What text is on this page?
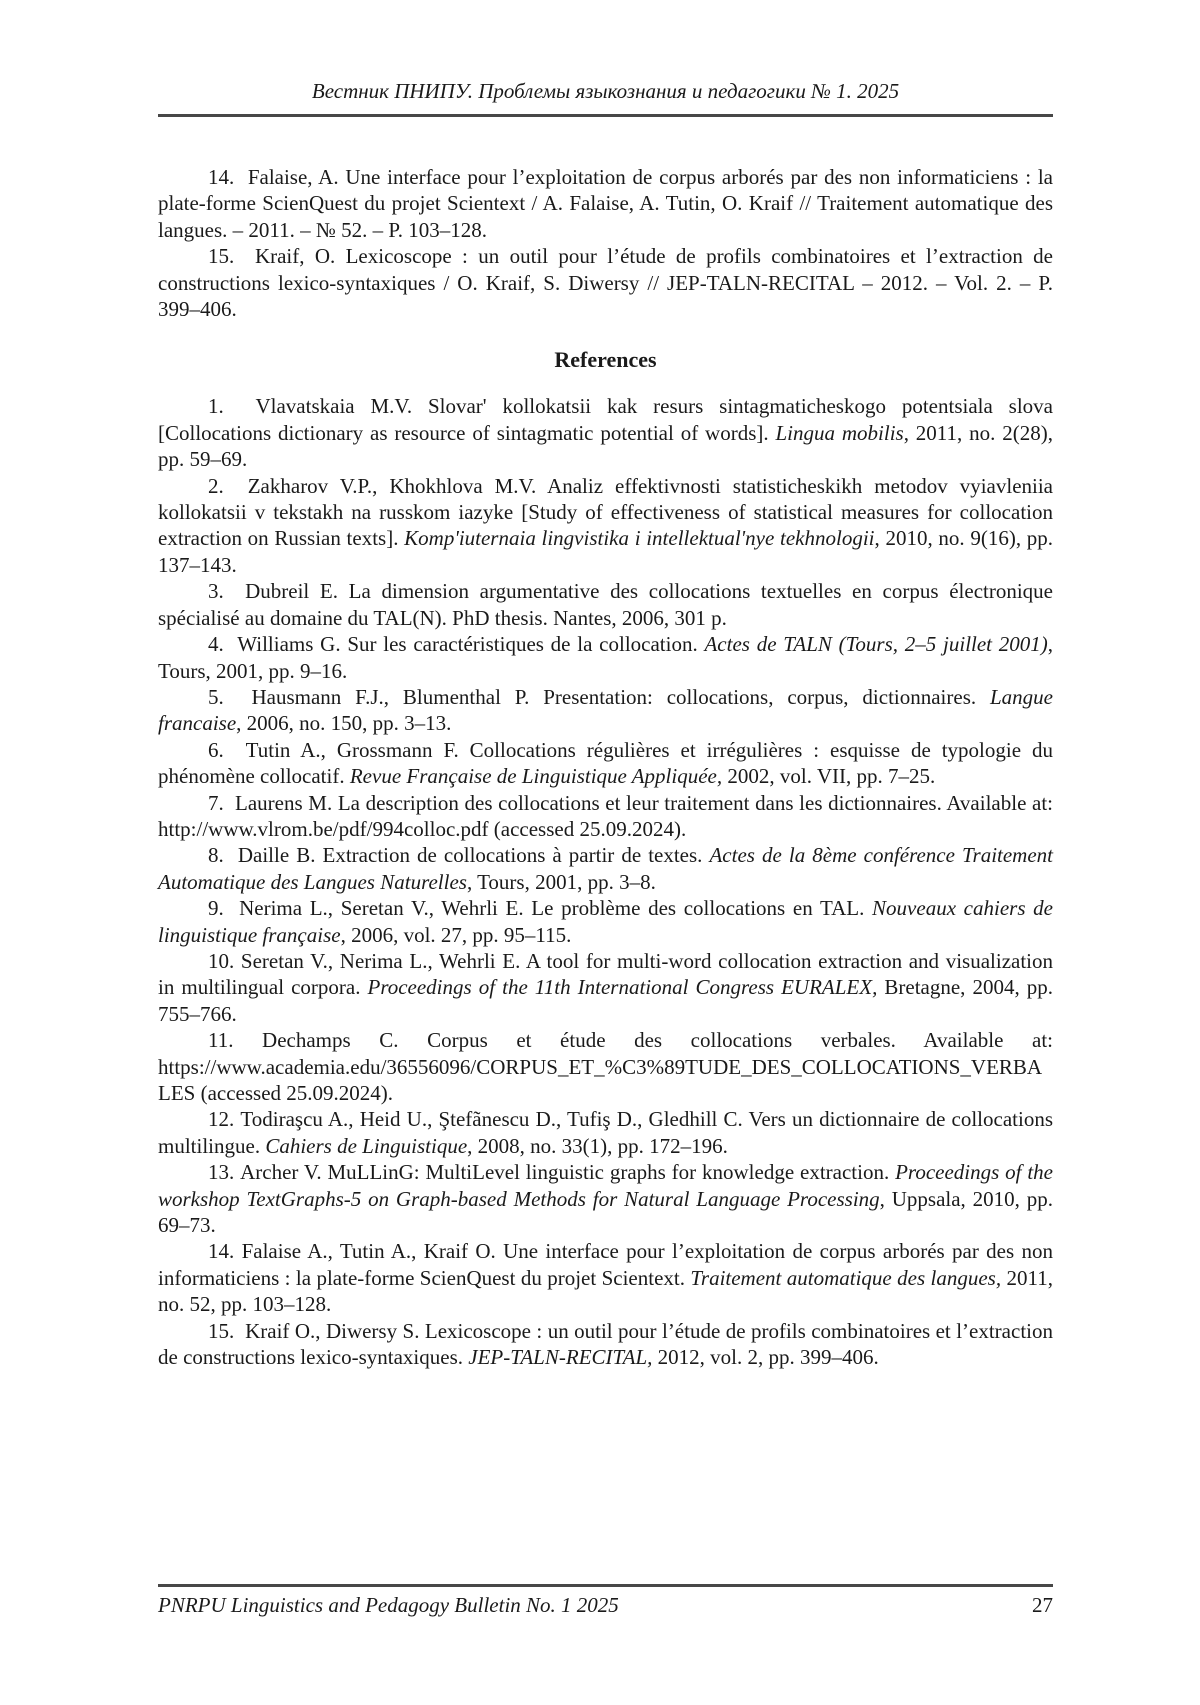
Вестник ПНИПУ. Проблемы языкознания и педагогики № 1. 2025

14.  Falaise, A. Une interface pour l’exploitation de corpus arborés par des non informaticiens : la plate-forme ScienQuest du projet Scientext / A. Falaise, A. Tutin, O. Kraif // Traitement automatique des langues. – 2011. – № 52. – P. 103–128.

15.  Kraif, O. Lexicoscope : un outil pour l’étude de profils combinatoires et l’extraction de constructions lexico-syntaxiques / O. Kraif, S. Diwersy // JEP-TALN-RECITAL – 2012. – Vol. 2. – P. 399–406.

References

1.  Vlavatskaia M.V. Slovar' kollokatsii kak resurs sintagmaticheskogo potentsiala slova [Collocations dictionary as resource of sintagmatic potential of words]. Lingua mobilis, 2011, no. 2(28), pp. 59–69.

2.  Zakharov V.P., Khokhlova M.V. Analiz effektivnosti statisticheskikh metodov vyiavleniia kollokatsii v tekstakh na russkom iazyke [Study of effectiveness of statistical measures for collocation extraction on Russian texts]. Komp'iuternaia lingvistika i intellektual'nye tekhnologii, 2010, no. 9(16), pp. 137–143.

3.  Dubreil E. La dimension argumentative des collocations textuelles en corpus électronique spécialisé au domaine du TAL(N). PhD thesis. Nantes, 2006, 301 p.

4.  Williams G. Sur les caractéristiques de la collocation. Actes de TALN (Tours, 2–5 juillet 2001), Tours, 2001, pp. 9–16.

5.  Hausmann F.J., Blumenthal P. Presentation: collocations, corpus, dictionnaires. Langue francaise, 2006, no. 150, pp. 3–13.

6.  Tutin A., Grossmann F. Collocations régulières et irrégulières : esquisse de typologie du phénomène collocatif. Revue Française de Linguistique Appliquée, 2002, vol. VII, pp. 7–25.

7.  Laurens M. La description des collocations et leur traitement dans les dictionnaires. Available at: http://www.vlrom.be/pdf/994colloc.pdf (accessed 25.09.2024).

8.  Daille B. Extraction de collocations à partir de textes. Actes de la 8ème conférence Traitement Automatique des Langues Naturelles, Tours, 2001, pp. 3–8.

9.  Nerima L., Seretan V., Wehrli E. Le problème des collocations en TAL. Nouveaux cahiers de linguistique française, 2006, vol. 27, pp. 95–115.

10. Seretan V., Nerima L., Wehrli E. A tool for multi-word collocation extraction and visualization in multilingual corpora. Proceedings of the 11th International Congress EURALEX, Bretagne, 2004, pp. 755–766.

11. Dechamps C. Corpus et étude des collocations verbales. Available at: https://www.academia.edu/36556096/CORPUS_ET_%C3%89TUDE_DES_COLLOCATIONS_VERBALES (accessed 25.09.2024).

12. Todiraşcu A., Heid U., Ştefãnescu D., Tufiş D., Gledhill C. Vers un dictionnaire de collocations multilingue. Cahiers de Linguistique, 2008, no. 33(1), pp. 172–196.

13. Archer V. MuLLinG: MultiLevel linguistic graphs for knowledge extraction. Proceedings of the workshop TextGraphs-5 on Graph-based Methods for Natural Language Processing, Uppsala, 2010, pp. 69–73.

14. Falaise A., Tutin A., Kraif O. Une interface pour l’exploitation de corpus arborés par des non informaticiens : la plate-forme ScienQuest du projet Scientext. Traitement automatique des langues, 2011, no. 52, pp. 103–128.

15.  Kraif O., Diwersy S. Lexicoscope : un outil pour l’étude de profils combinatoires et l’extraction de constructions lexico-syntaxiques. JEP-TALN-RECITAL, 2012, vol. 2, pp. 399–406.

PNRPU Linguistics and Pedagogy Bulletin No. 1 2025	27
